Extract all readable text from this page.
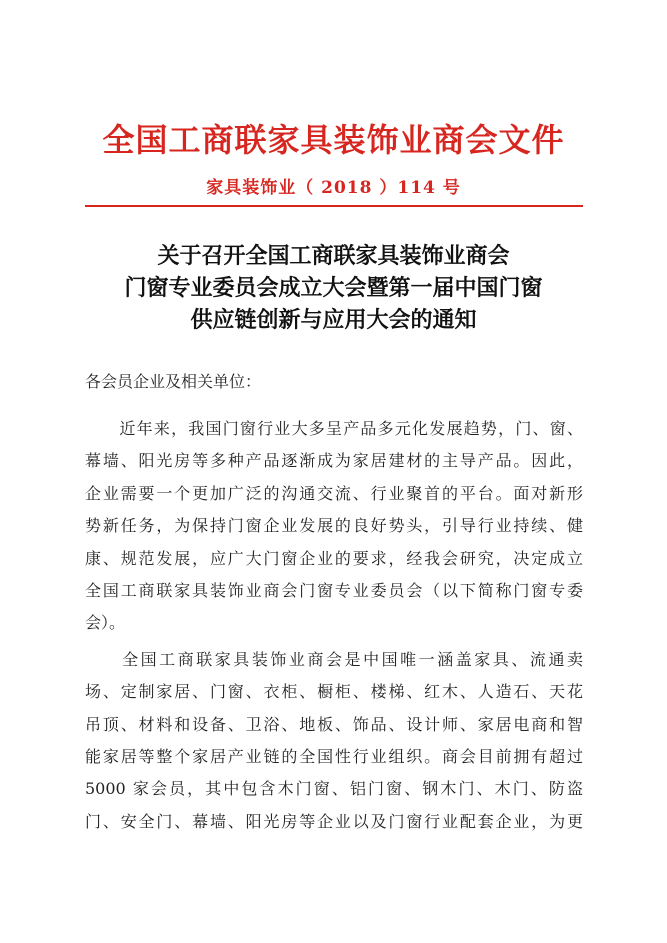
全国工商联家具装饰业商会文件
家具装饰业（ 2018 ）114 号
关于召开全国工商联家具装饰业商会
门窗专业委员会成立大会暨第一届中国门窗
供应链创新与应用大会的通知
各会员企业及相关单位：
　　近年来，我国门窗行业大多呈产品多元化发展趋势，门、窗、
幕墙、阳光房等多种产品逐渐成为家居建材的主导产品。因此，
企业需要一个更加广泛的沟通交流、行业聚首的平台。面对新形
势新任务，为保持门窗企业发展的良好势头，引导行业持续、健
康、规范发展，应广大门窗企业的要求，经我会研究，决定成立
全国工商联家具装饰业商会门窗专业委员会（以下简称门窗专委
会）。
　　全国工商联家具装饰业商会是中国唯一涵盖家具、流通卖
场、定制家居、门窗、衣柜、橱柜、楼梯、红木、人造石、天花
吊顶、材料和设备、卫浴、地板、饰品、设计师、家居电商和智
能家居等整个家居产业链的全国性行业组织。商会目前拥有超过
5000 家会员，其中包含木门窗、铝门窗、钢木门、木门、防盗
门、安全门、幕墙、阳光房等企业以及门窗行业配套企业，为更
